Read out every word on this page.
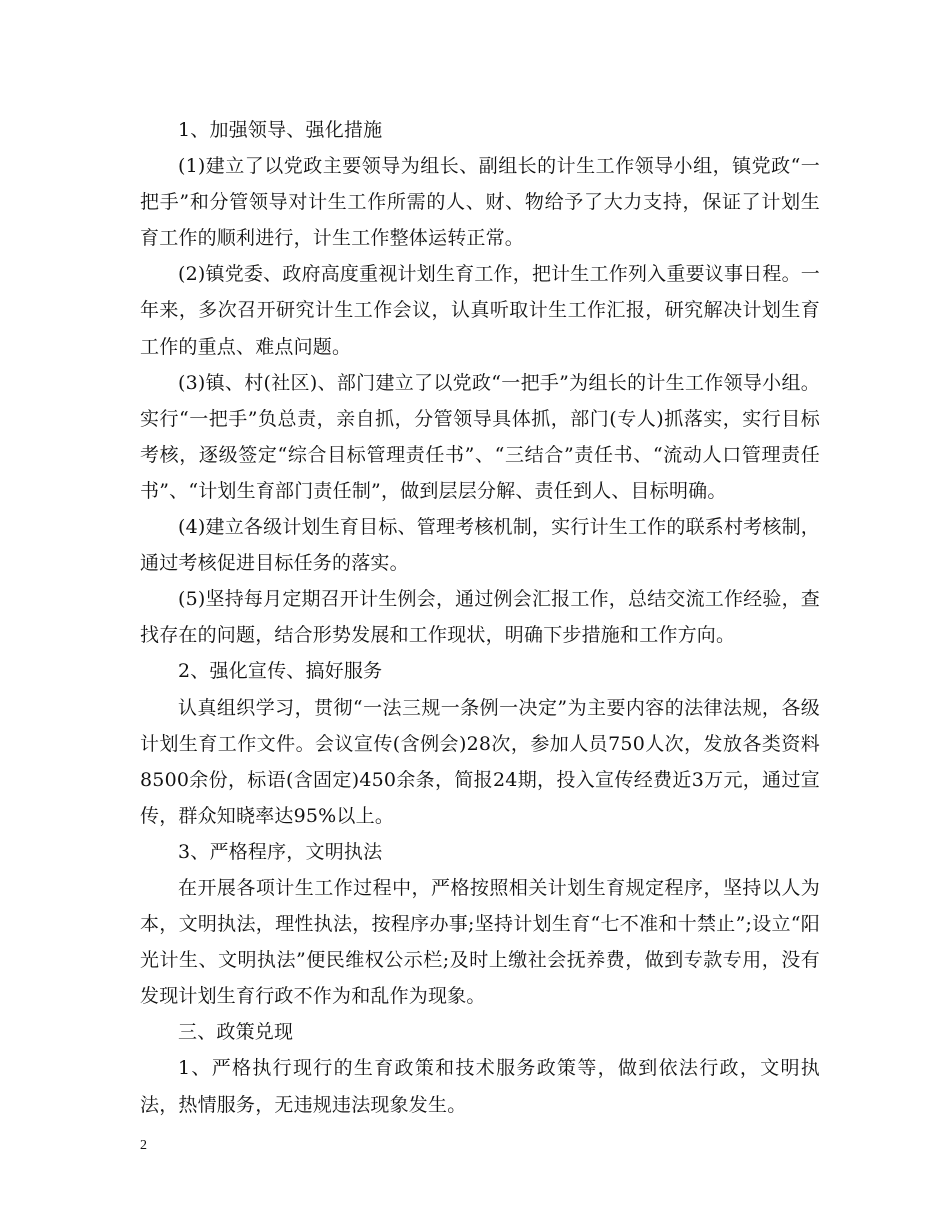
1、加强领导、强化措施

(1)建立了以党政主要领导为组长、副组长的计生工作领导小组，镇党政“一把手”和分管领导对计生工作所需的人、财、物给予了大力支持，保证了计划生育工作的顺利进行，计生工作整体运转正常。

(2)镇党委、政府高度重视计划生育工作，把计生工作列入重要议事日程。一年来，多次召开研究计生工作会议，认真听取计生工作汇报，研究解决计划生育工作的重点、难点问题。

(3)镇、村(社区)、部门建立了以党政“一把手”为组长的计生工作领导小组。实行“一把手”负总责，亲自抓，分管领导具体抓，部门(专人)抓落实，实行目标考核，逐级签定“综合目标管理责任书”、“三结合”责任书、“流动人口管理责任书”、“计划生育部门责任制”，做到层层分解、责任到人、目标明确。

(4)建立各级计划生育目标、管理考核机制，实行计生工作的联系村考核制，通过考核促进目标任务的落实。

(5)坚持每月定期召开计生例会，通过例会汇报工作，总结交流工作经验，查找存在的问题，结合形势发展和工作现状，明确下步措施和工作方向。

2、强化宣传、搞好服务

认真组织学习，贯彻“一法三规一条例一决定”为主要内容的法律法规，各级计划生育工作文件。会议宣传(含例会)28次，参加人员750人次，发放各类资料8500余份，标语(含固定)450余条，简报24期，投入宣传经费近3万元，通过宣传，群众知晓率达95%以上。

3、严格程序，文明执法

在开展各项计生工作过程中，严格按照相关计划生育规定程序，坚持以人为本，文明执法，理性执法，按程序办事;坚持计划生育“七不准和十禁止”;设立“阳光计生、文明执法”便民维权公示栏;及时上缴社会抚养费，做到专款专用，没有发现计划生育行政不作为和乱作为现象。

三、政策兑现

1、严格执行现行的生育政策和技术服务政策等，做到依法行政，文明执法，热情服务，无违规违法现象发生。

2
